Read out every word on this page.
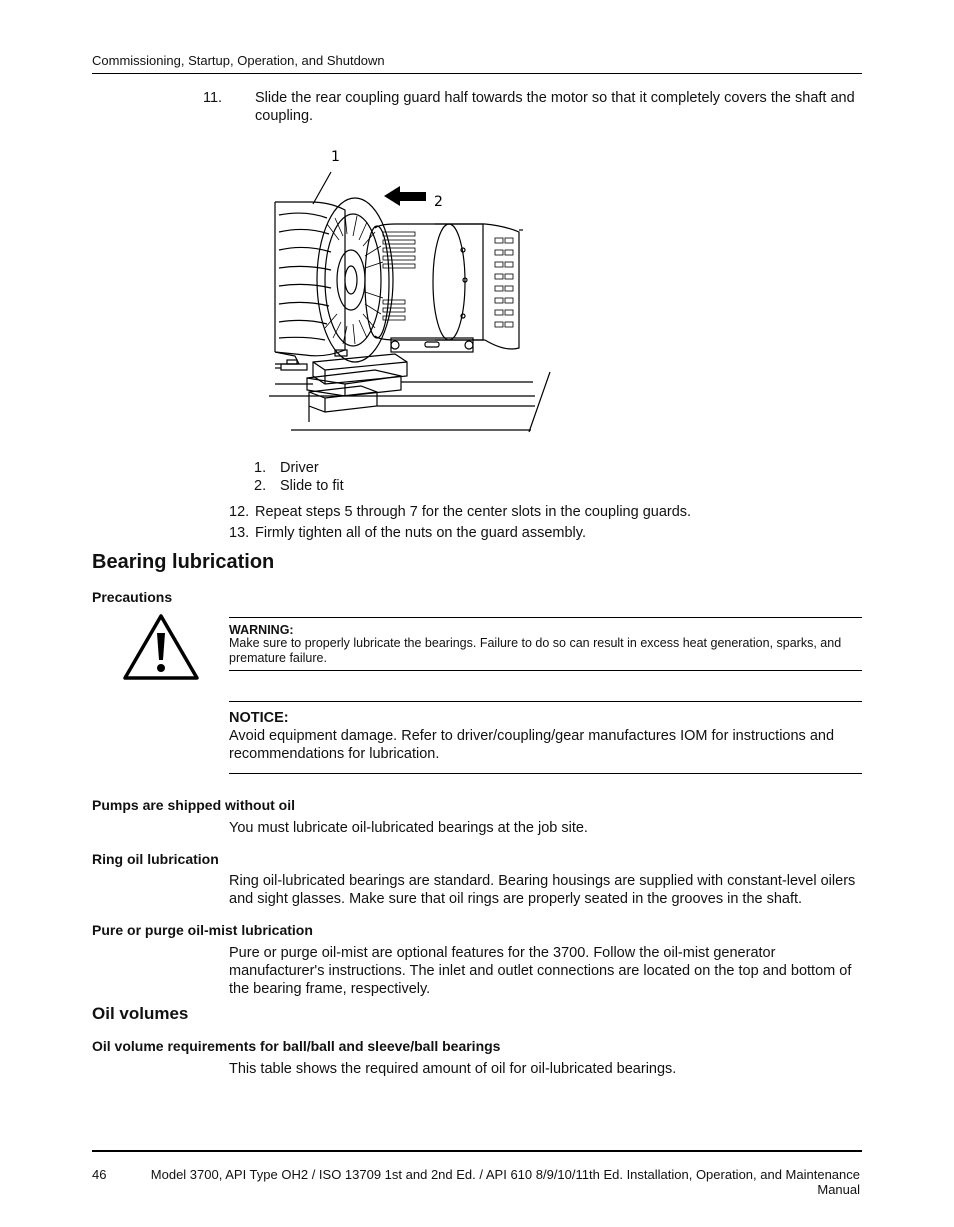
Commissioning, Startup, Operation, and Shutdown
11. Slide the rear coupling guard half towards the motor so that it completely covers the shaft and coupling.
1
2
1. Driver
2. Slide to fit
12. Repeat steps 5 through 7 for the center slots in the coupling guards.
13. Firmly tighten all of the nuts on the guard assembly.
Bearing lubrication
Precautions
WARNING:
Make sure to properly lubricate the bearings. Failure to do so can result in excess heat generation, sparks, and premature failure.
NOTICE:
Avoid equipment damage. Refer to driver/coupling/gear manufactures IOM for instructions and recommendations for lubrication.
Pumps are shipped without oil
You must lubricate oil-lubricated bearings at the job site.
Ring oil lubrication
Ring oil-lubricated bearings are standard. Bearing housings are supplied with constant-level oilers and sight glasses. Make sure that oil rings are properly seated in the grooves in the shaft.
Pure or purge oil-mist lubrication
Pure or purge oil-mist are optional features for the 3700. Follow the oil-mist generator manufacturer's instructions. The inlet and outlet connections are located on the top and bottom of the bearing frame, respectively.
Oil volumes
Oil volume requirements for ball/ball and sleeve/ball bearings
This table shows the required amount of oil for oil-lubricated bearings.
46	Model 3700, API Type OH2 / ISO 13709 1st and 2nd Ed. / API 610 8/9/10/11th Ed. Installation, Operation, and Maintenance Manual
